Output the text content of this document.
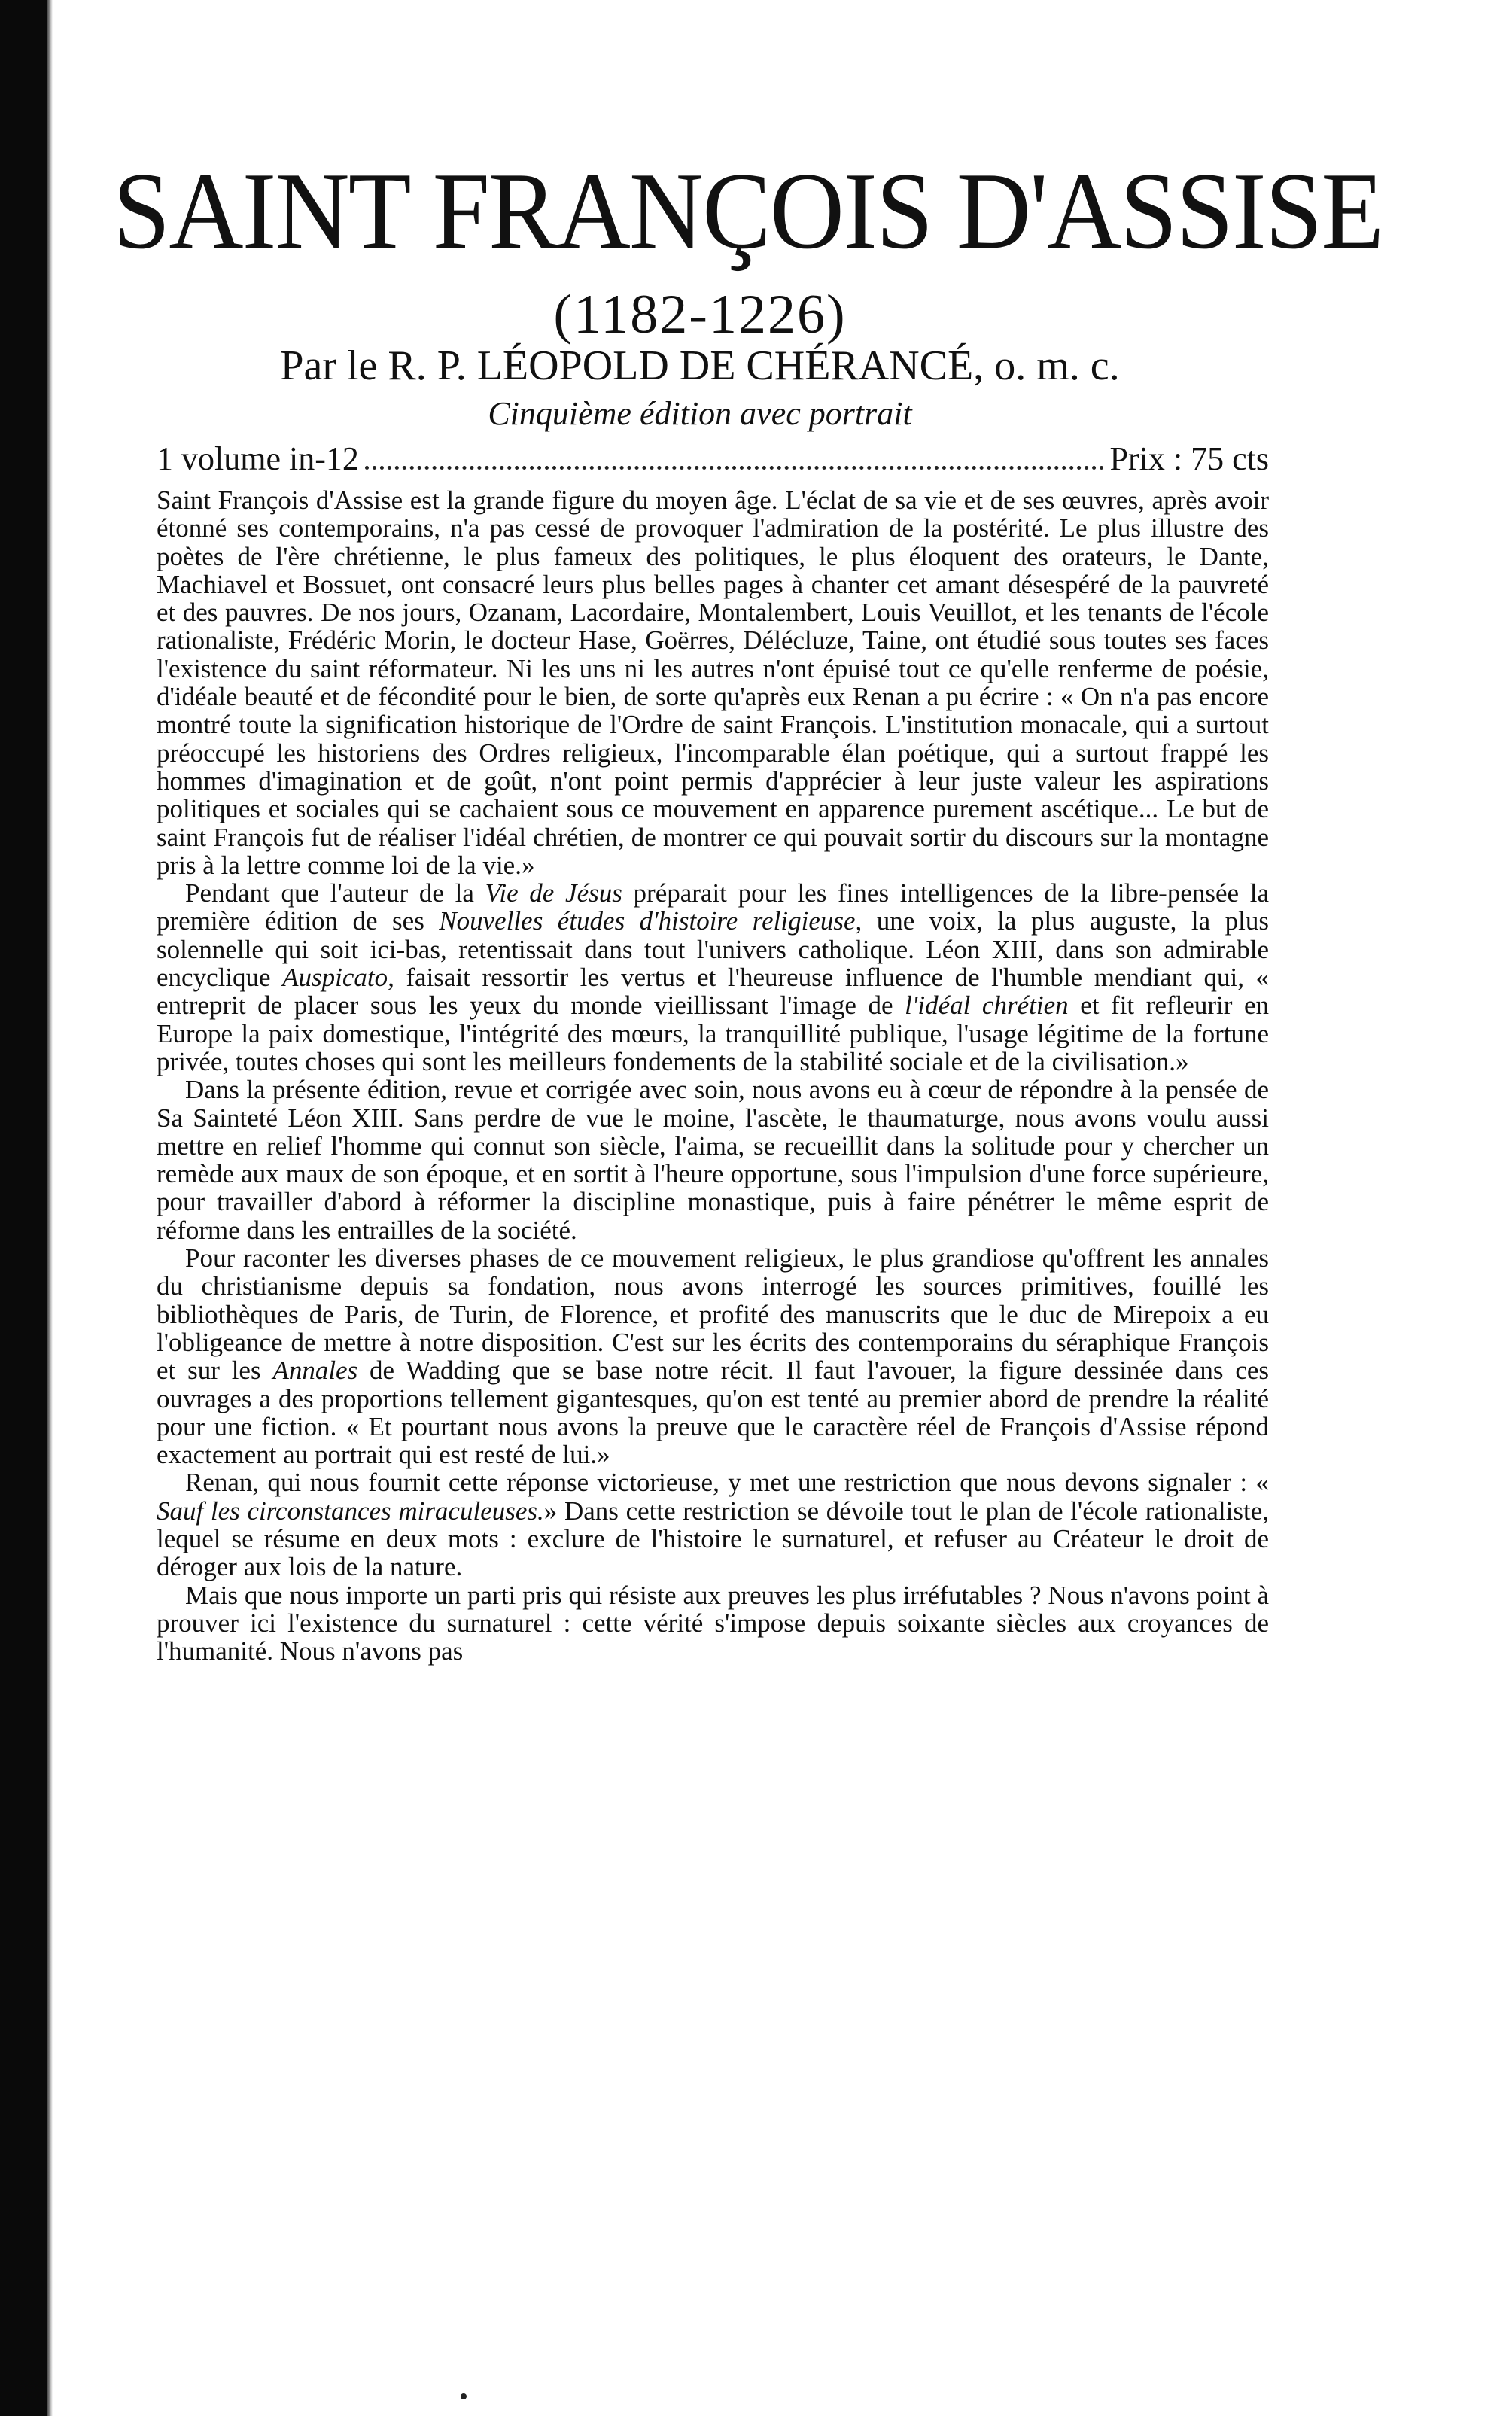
SAINT FRANÇOIS D'ASSISE
(1182-1226)
Par le R. P. LÉOPOLD DE CHÉRANCÉ, o. m. c.
Cinquième édition avec portrait
1 volume in-12	Prix : 75 cts

Saint François d'Assise est la grande figure du moyen âge. L'éclat de sa vie et de ses œuvres, après avoir étonné ses contemporains, n'a pas cessé de provoquer l'admiration de la postérité. Le plus illustre des poètes de l'ère chrétienne, le plus fameux des politiques, le plus éloquent des orateurs, le Dante, Machiavel et Bossuet, ont consacré leurs plus belles pages à chanter cet amant désespéré de la pauvreté et des pauvres. De nos jours, Ozanam, Lacordaire, Montalembert, Louis Veuillot, et les tenants de l'école rationaliste, Frédéric Morin, le docteur Hase, Goërres, Délécluze, Taine, ont étudié sous toutes ses faces l'existence du saint réformateur. Ni les uns ni les autres n'ont épuisé tout ce qu'elle renferme de poésie, d'idéale beauté et de fécondité pour le bien, de sorte qu'après eux Renan a pu écrire : « On n'a pas encore montré toute la signification historique de l'Ordre de saint François. L'institution monacale, qui a surtout préoccupé les historiens des Ordres religieux, l'incomparable élan poétique, qui a surtout frappé les hommes d'imagination et de goût, n'ont point permis d'apprécier à leur juste valeur les aspirations politiques et sociales qui se cachaient sous ce mouvement en apparence purement ascétique... Le but de saint François fut de réaliser l'idéal chrétien, de montrer ce qui pouvait sortir du discours sur la montagne pris à la lettre comme loi de la vie.»

Pendant que l'auteur de la Vie de Jésus préparait pour les fines intelligences de la libre-pensée la première édition de ses Nouvelles études d'histoire religieuse, une voix, la plus auguste, la plus solennelle qui soit ici-bas, retentissait dans tout l'univers catholique. Léon XIII, dans son admirable encyclique Auspicato, faisait ressortir les vertus et l'heureuse influence de l'humble mendiant qui, « entreprit de placer sous les yeux du monde vieillissant l'image de l'idéal chrétien et fit refleurir en Europe la paix domestique, l'intégrité des mœurs, la tranquillité publique, l'usage légitime de la fortune privée, toutes choses qui sont les meilleurs fondements de la stabilité sociale et de la civilisation.»

Dans la présente édition, revue et corrigée avec soin, nous avons eu à cœur de répondre à la pensée de Sa Sainteté Léon XIII. Sans perdre de vue le moine, l'ascète, le thaumaturge, nous avons voulu aussi mettre en relief l'homme qui connut son siècle, l'aima, se recueillit dans la solitude pour y chercher un remède aux maux de son époque, et en sortit à l'heure opportune, sous l'impulsion d'une force supérieure, pour travailler d'abord à réformer la discipline monastique, puis à faire pénétrer le même esprit de réforme dans les entrailles de la société.

Pour raconter les diverses phases de ce mouvement religieux, le plus grandiose qu'offrent les annales du christianisme depuis sa fondation, nous avons interrogé les sources primitives, fouillé les bibliothèques de Paris, de Turin, de Florence, et profité des manuscrits que le duc de Mirepoix a eu l'obligeance de mettre à notre disposition. C'est sur les écrits des contemporains du séraphique François et sur les Annales de Wadding que se base notre récit. Il faut l'avouer, la figure dessinée dans ces ouvrages a des proportions tellement gigantesques, qu'on est tenté au premier abord de prendre la réalité pour une fiction. « Et pourtant nous avons la preuve que le caractère réel de François d'Assise répond exactement au portrait qui est resté de lui.»

Renan, qui nous fournit cette réponse victorieuse, y met une restriction que nous devons signaler : « Sauf les circonstances miraculeuses.» Dans cette restriction se dévoile tout le plan de l'école rationaliste, lequel se résume en deux mots : exclure de l'histoire le surnaturel, et refuser au Créateur le droit de déroger aux lois de la nature.

Mais que nous importe un parti pris qui résiste aux preuves les plus irréfutables ? Nous n'avons point à prouver ici l'existence du surnaturel : cette vérité s'impose depuis soixante siècles aux croyances de l'humanité. Nous n'avons pas
